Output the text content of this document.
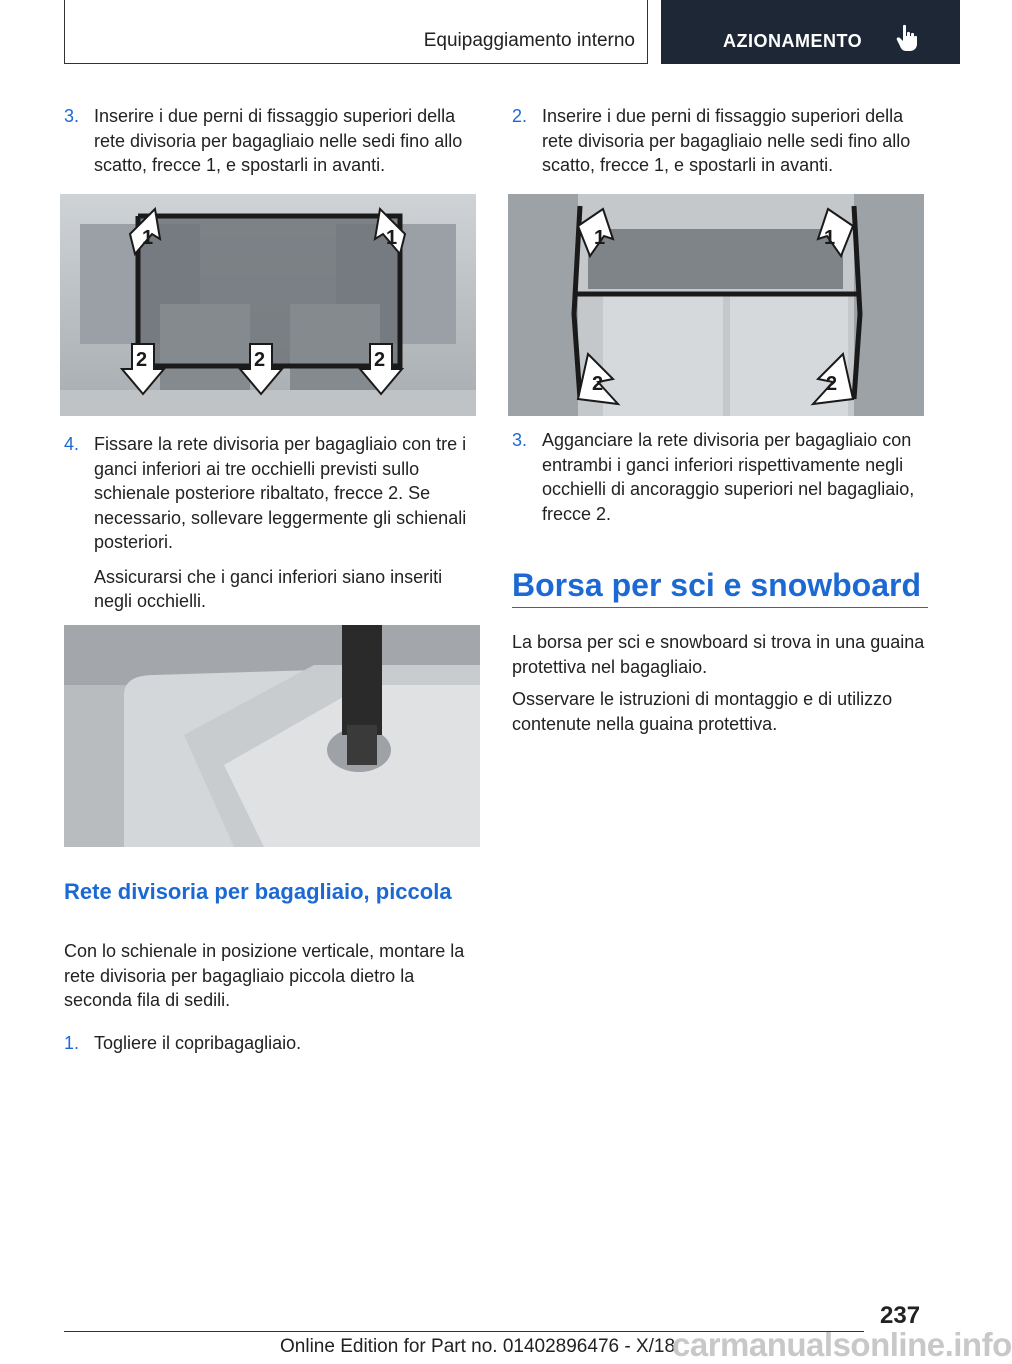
Equipaggiamento interno	AZIONAMENTO

3. Inserire i due perni di fissaggio superiori della rete divisoria per bagagliaio nelle sedi fino allo scatto, frecce 1, e spostarli in avanti.

1	1
2	2	2

4. Fissare la rete divisoria per bagagliaio con tre i ganci inferiori ai tre occhielli previsti sullo schienale posteriore ribaltato, frecce 2. Se necessario, sollevare leggermente gli schienali posteriori.

Assicurarsi che i ganci inferiori siano inseriti negli occhielli.

Rete divisoria per bagagliaio, piccola

Con lo schienale in posizione verticale, montare la rete divisoria per bagagliaio piccola dietro la seconda fila di sedili.

1. Togliere il copribagagliaio.

2. Inserire i due perni di fissaggio superiori della rete divisoria per bagagliaio nelle sedi fino allo scatto, frecce 1, e spostarli in avanti.

1	1
2	2

3. Agganciare la rete divisoria per bagagliaio con entrambi i ganci inferiori rispettivamente negli occhielli di ancoraggio superiori nel bagagliaio, frecce 2.

Borsa per sci e snowboard

La borsa per sci e snowboard si trova in una guaina protettiva nel bagagliaio.

Osservare le istruzioni di montaggio e di utilizzo contenute nella guaina protettiva.

237
Online Edition for Part no. 01402896476 - X/18
carmanualsonline.info
